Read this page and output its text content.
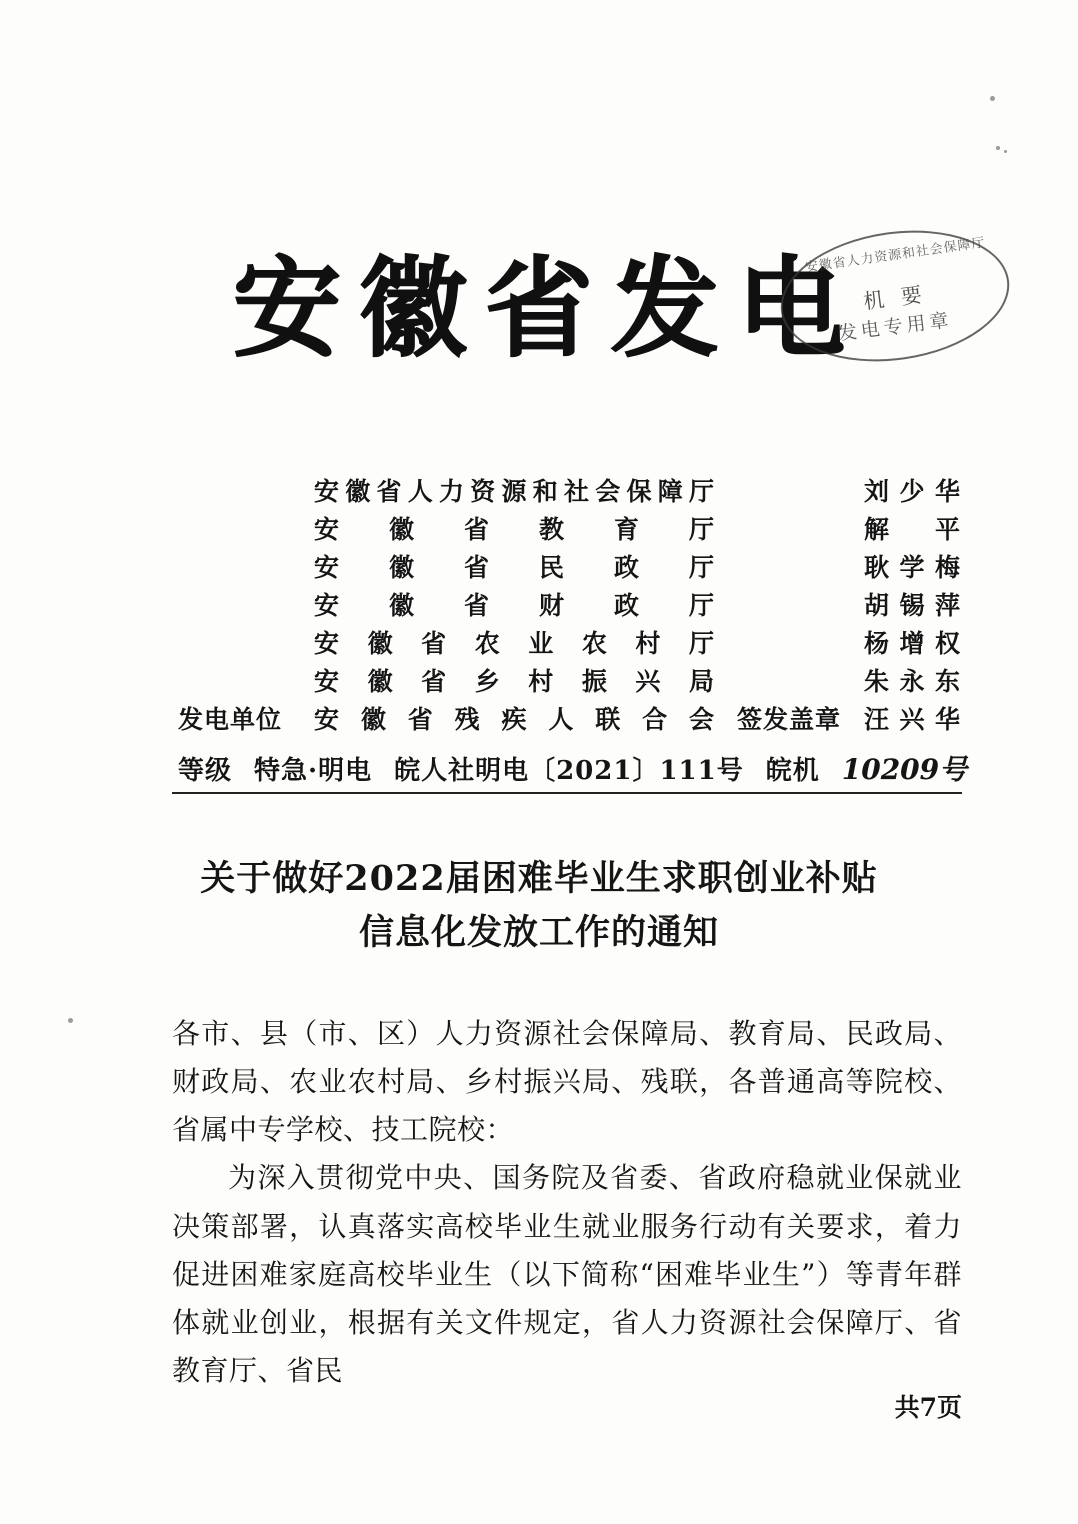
安徽省发电
安徽省人力资源和社会保障厅
机 要
发电专用章
安徽省人力资源和社会保障厅	刘少华
安徽省教育厅	解平
安徽省民政厅	耿学梅
安徽省财政厅	胡锡萍
安徽省农业农村厅	杨增权
安徽省乡村振兴局	朱永东
发电单位	安徽省残疾人联合会 签发盖章 汪兴华
等级 特急·明电 皖人社明电〔2021〕111号 皖机 10209号
关于做好2022届困难毕业生求职创业补贴
信息化发放工作的通知

各市、县（市、区）人力资源社会保障局、教育局、民政局、财政局、农业农村局、乡村振兴局、残联，各普通高等院校、省属中专学校、技工院校：

为深入贯彻党中央、国务院及省委、省政府稳就业保就业决策部署，认真落实高校毕业生就业服务行动有关要求，着力促进困难家庭高校毕业生（以下简称“困难毕业生”）等青年群体就业创业，根据有关文件规定，省人力资源社会保障厅、省教育厅、省民

共7页
